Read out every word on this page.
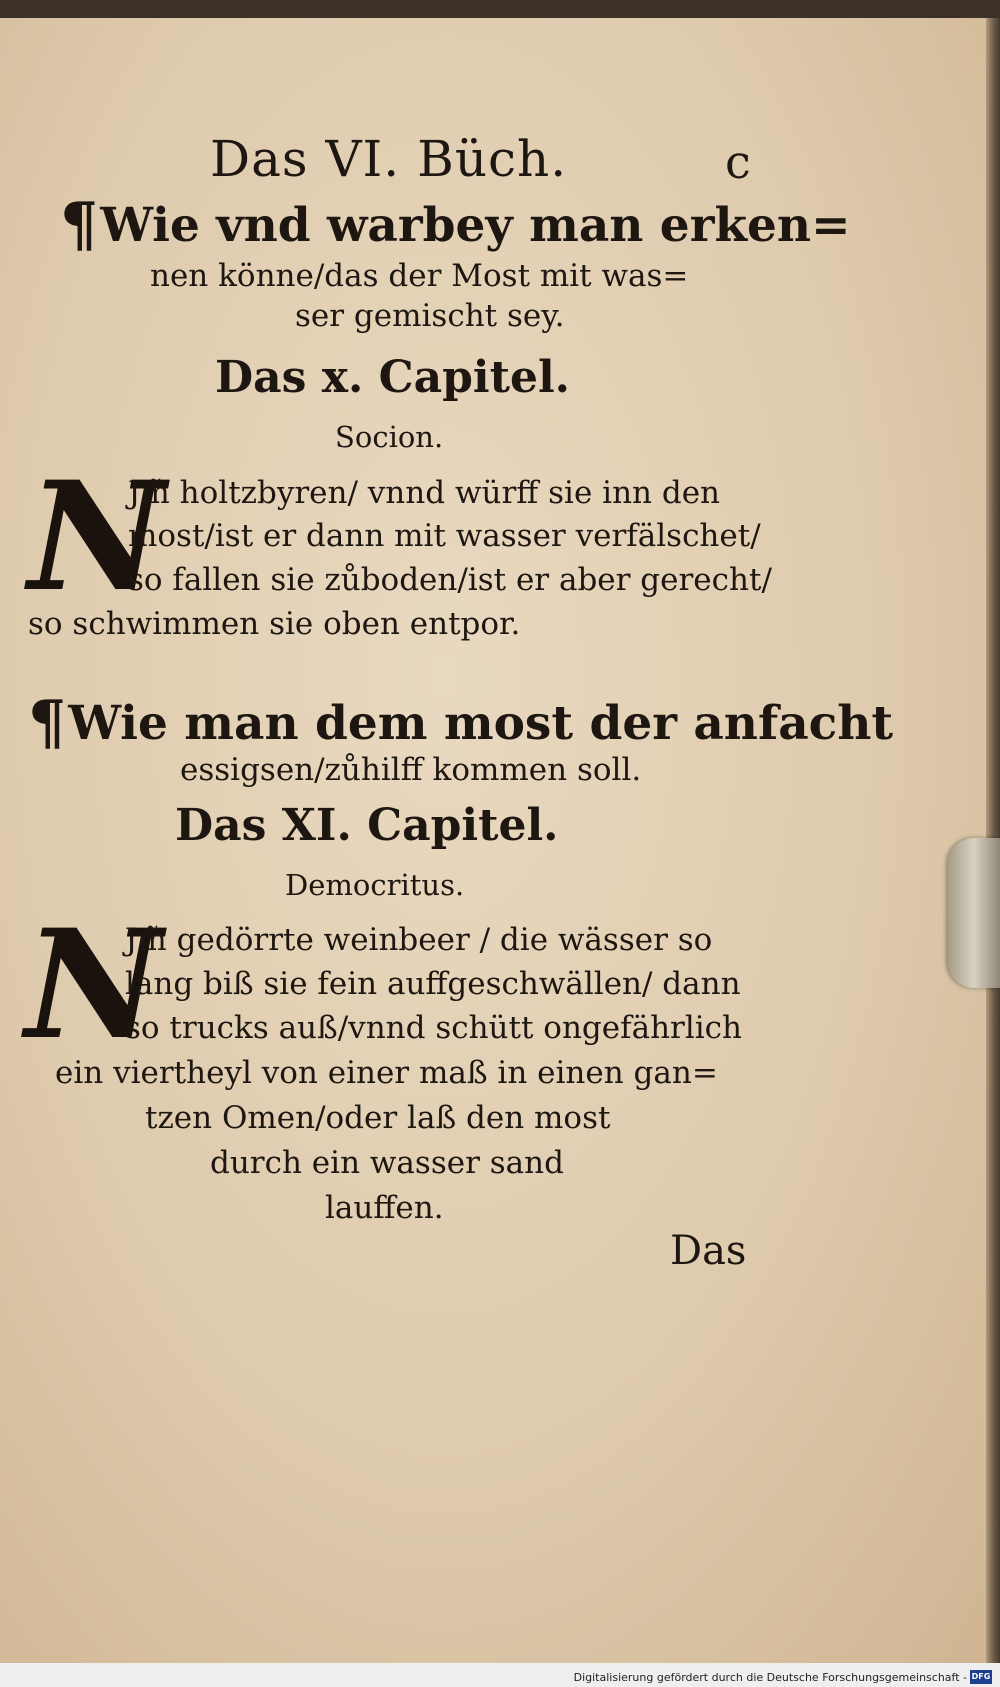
Das VI. Büch.	c
¶Wie vnd warbey man erken=
nen könne/das der Most mit was=
ser gemischt sey.
Das x. Capitel.
Socion.
N
Jm̃ holtzbyren/ vnnd würff sie inn den
most/ist er dann mit wasser verfälschet/
so fallen sie zůboden/ist er aber gerecht/
so schwimmen sie oben entpor.
¶Wie man dem most der anfacht
essigsen/zůhilff kommen soll.
Das XI. Capitel.
Democritus.
N
Jm̃ gedörrte weinbeer / die wässer so
lang biß sie fein auffgeschwällen/ dann
so trucks auß/vnnd schütt ongefährlich
ein viertheyl von einer maß in einen gan=
tzen Omen/oder laß den most
durch ein wasser sand
lauffen.
Das
Digitalisierung gefördert durch die Deutsche Forschungsgemeinschaft - DFG
